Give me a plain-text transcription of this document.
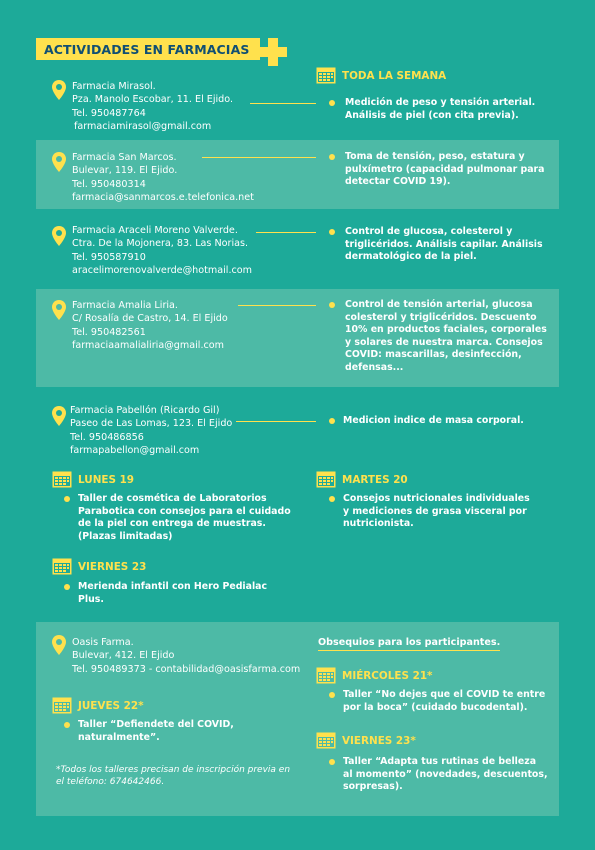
ACTIVIDADES EN FARMACIAS
TODA LA SEMANA
Farmacia Mirasol.
Pza. Manolo Escobar, 11. El Ejido.
Tel. 950487764
farmaciamirasol@gmail.com
Medición de peso y tensión arterial.
Análisis de piel (con cita previa).
Farmacia San Marcos.
Bulevar, 119. El Ejido.
Tel. 950480314
farmacia@sanmarcos.e.telefonica.net
Toma de tensión, peso, estatura y
pulxímetro (capacidad pulmonar para
detectar COVID 19).
Farmacia Araceli Moreno Valverde.
Ctra. De la Mojonera, 83. Las Norias.
Tel. 950587910
aracelimorenovalverde@hotmail.com
Control de glucosa, colesterol y
triglicéridos. Análisis capilar. Análisis
dermatológico de la piel.
Farmacia Amalia Liria.
C/ Rosalía de Castro, 14. El Ejido
Tel. 950482561
farmaciaamalialiria@gmail.com
Control de tensión arterial, glucosa
colesterol y triglicéridos. Descuento
10% en productos faciales, corporales
y solares de nuestra marca. Consejos
COVID: mascarillas, desinfección,
defensas...
Farmacia Pabellón (Ricardo Gil)
Paseo de Las Lomas, 123. El Ejido
Tel. 950486856
farmapabellon@gmail.com
Medicion indice de masa corporal.
LUNES 19
Taller de cosmética de Laboratorios
Parabotica con consejos para el cuidado
de la piel con entrega de muestras.
(Plazas limitadas)
MARTES 20
Consejos nutricionales individuales
y mediciones de grasa visceral por
nutricionista.
VIERNES 23
Merienda infantil con Hero Pedialac
Plus.
Oasis Farma.
Bulevar, 412. El Ejido
Tel. 950489373 - contabilidad@oasisfarma.com
Obsequios para los participantes.
MIÉRCOLES 21*
Taller “No dejes que el COVID te entre
por la boca” (cuidado bucodental).
JUEVES 22*
Taller “Defiendete del COVID,
naturalmente”.	VIERNES 23*
Taller “Adapta tus rutinas de belleza
al momento” (novedades, descuentos,
sorpresas).
*Todos los talleres precisan de inscripción previa en
el teléfono: 674642466.
